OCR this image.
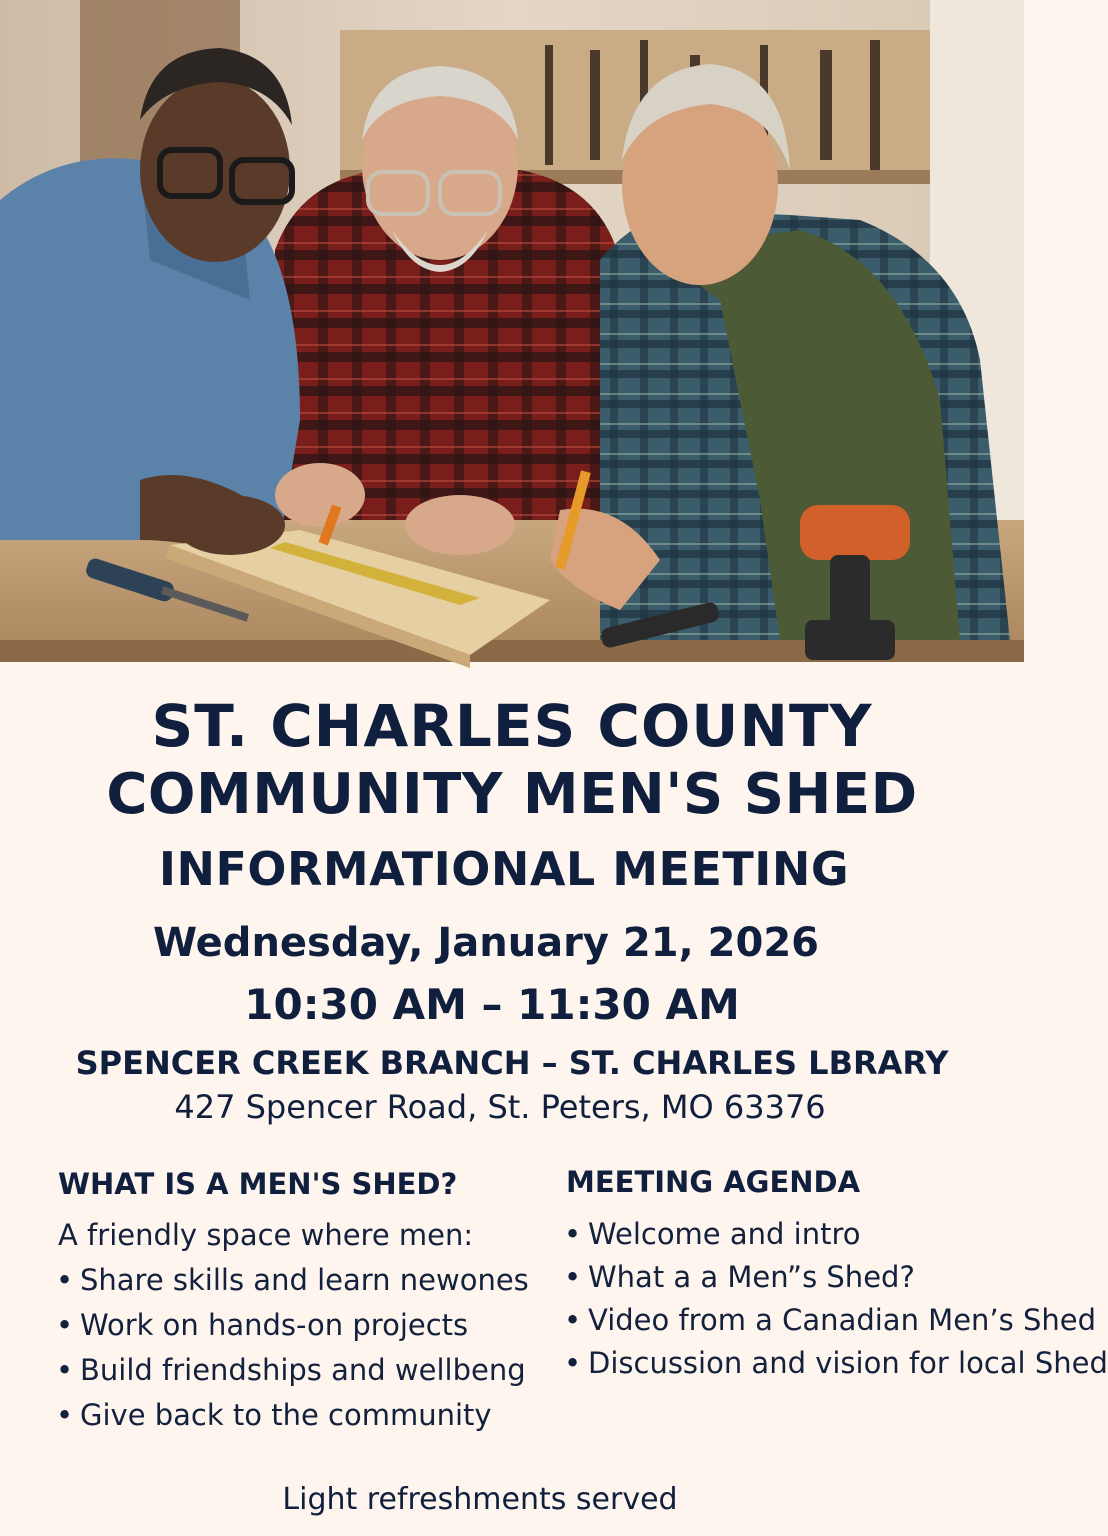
ST. CHARLES COUNTY
COMMUNITY MEN'S SHED
INFORMATIONAL MEETING
Wednesday, January 21, 2026
10:30 AM – 11:30 AM
SPENCER CREEK BRANCH – ST. CHARLES LBRARY
427 Spencer Road, St. Peters, MO 63376
WHAT IS A MEN'S SHED?
A friendly space where men:
• Share skills and learn newones
• Work on hands-on projects
• Build friendships and wellbeng
• Give back to the community
MEETING AGENDA
• Welcome and intro
• What a a Men”s Shed?
• Video from a Canadian Men’s Shed
• Discussion and vision for local Shed
Light refreshments served
